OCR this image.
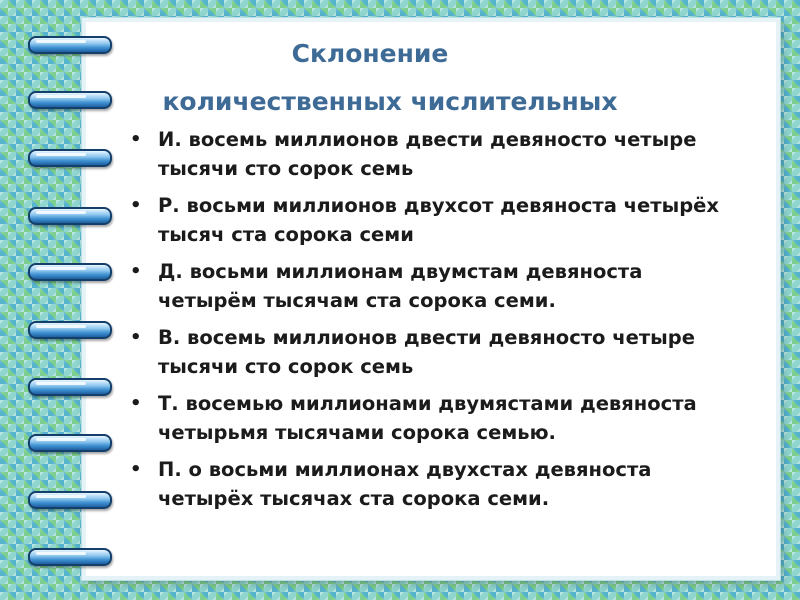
Склонение
количественных числительных
• И. восемь миллионов двести девяносто четыре тысячи сто сорок семь
• Р. восьми миллионов двухсот девяноста четырёх тысяч ста сорока семи
• Д. восьми миллионам двумстам девяноста четырём тысячам ста сорока семи.
• В. восемь миллионов двести девяносто четыре тысячи сто сорок семь
• Т. восемью миллионами двумястами девяноста четырьмя тысячами сорока семью.
• П. о восьми миллионах двухстах девяноста четырёх тысячах ста сорока семи.
